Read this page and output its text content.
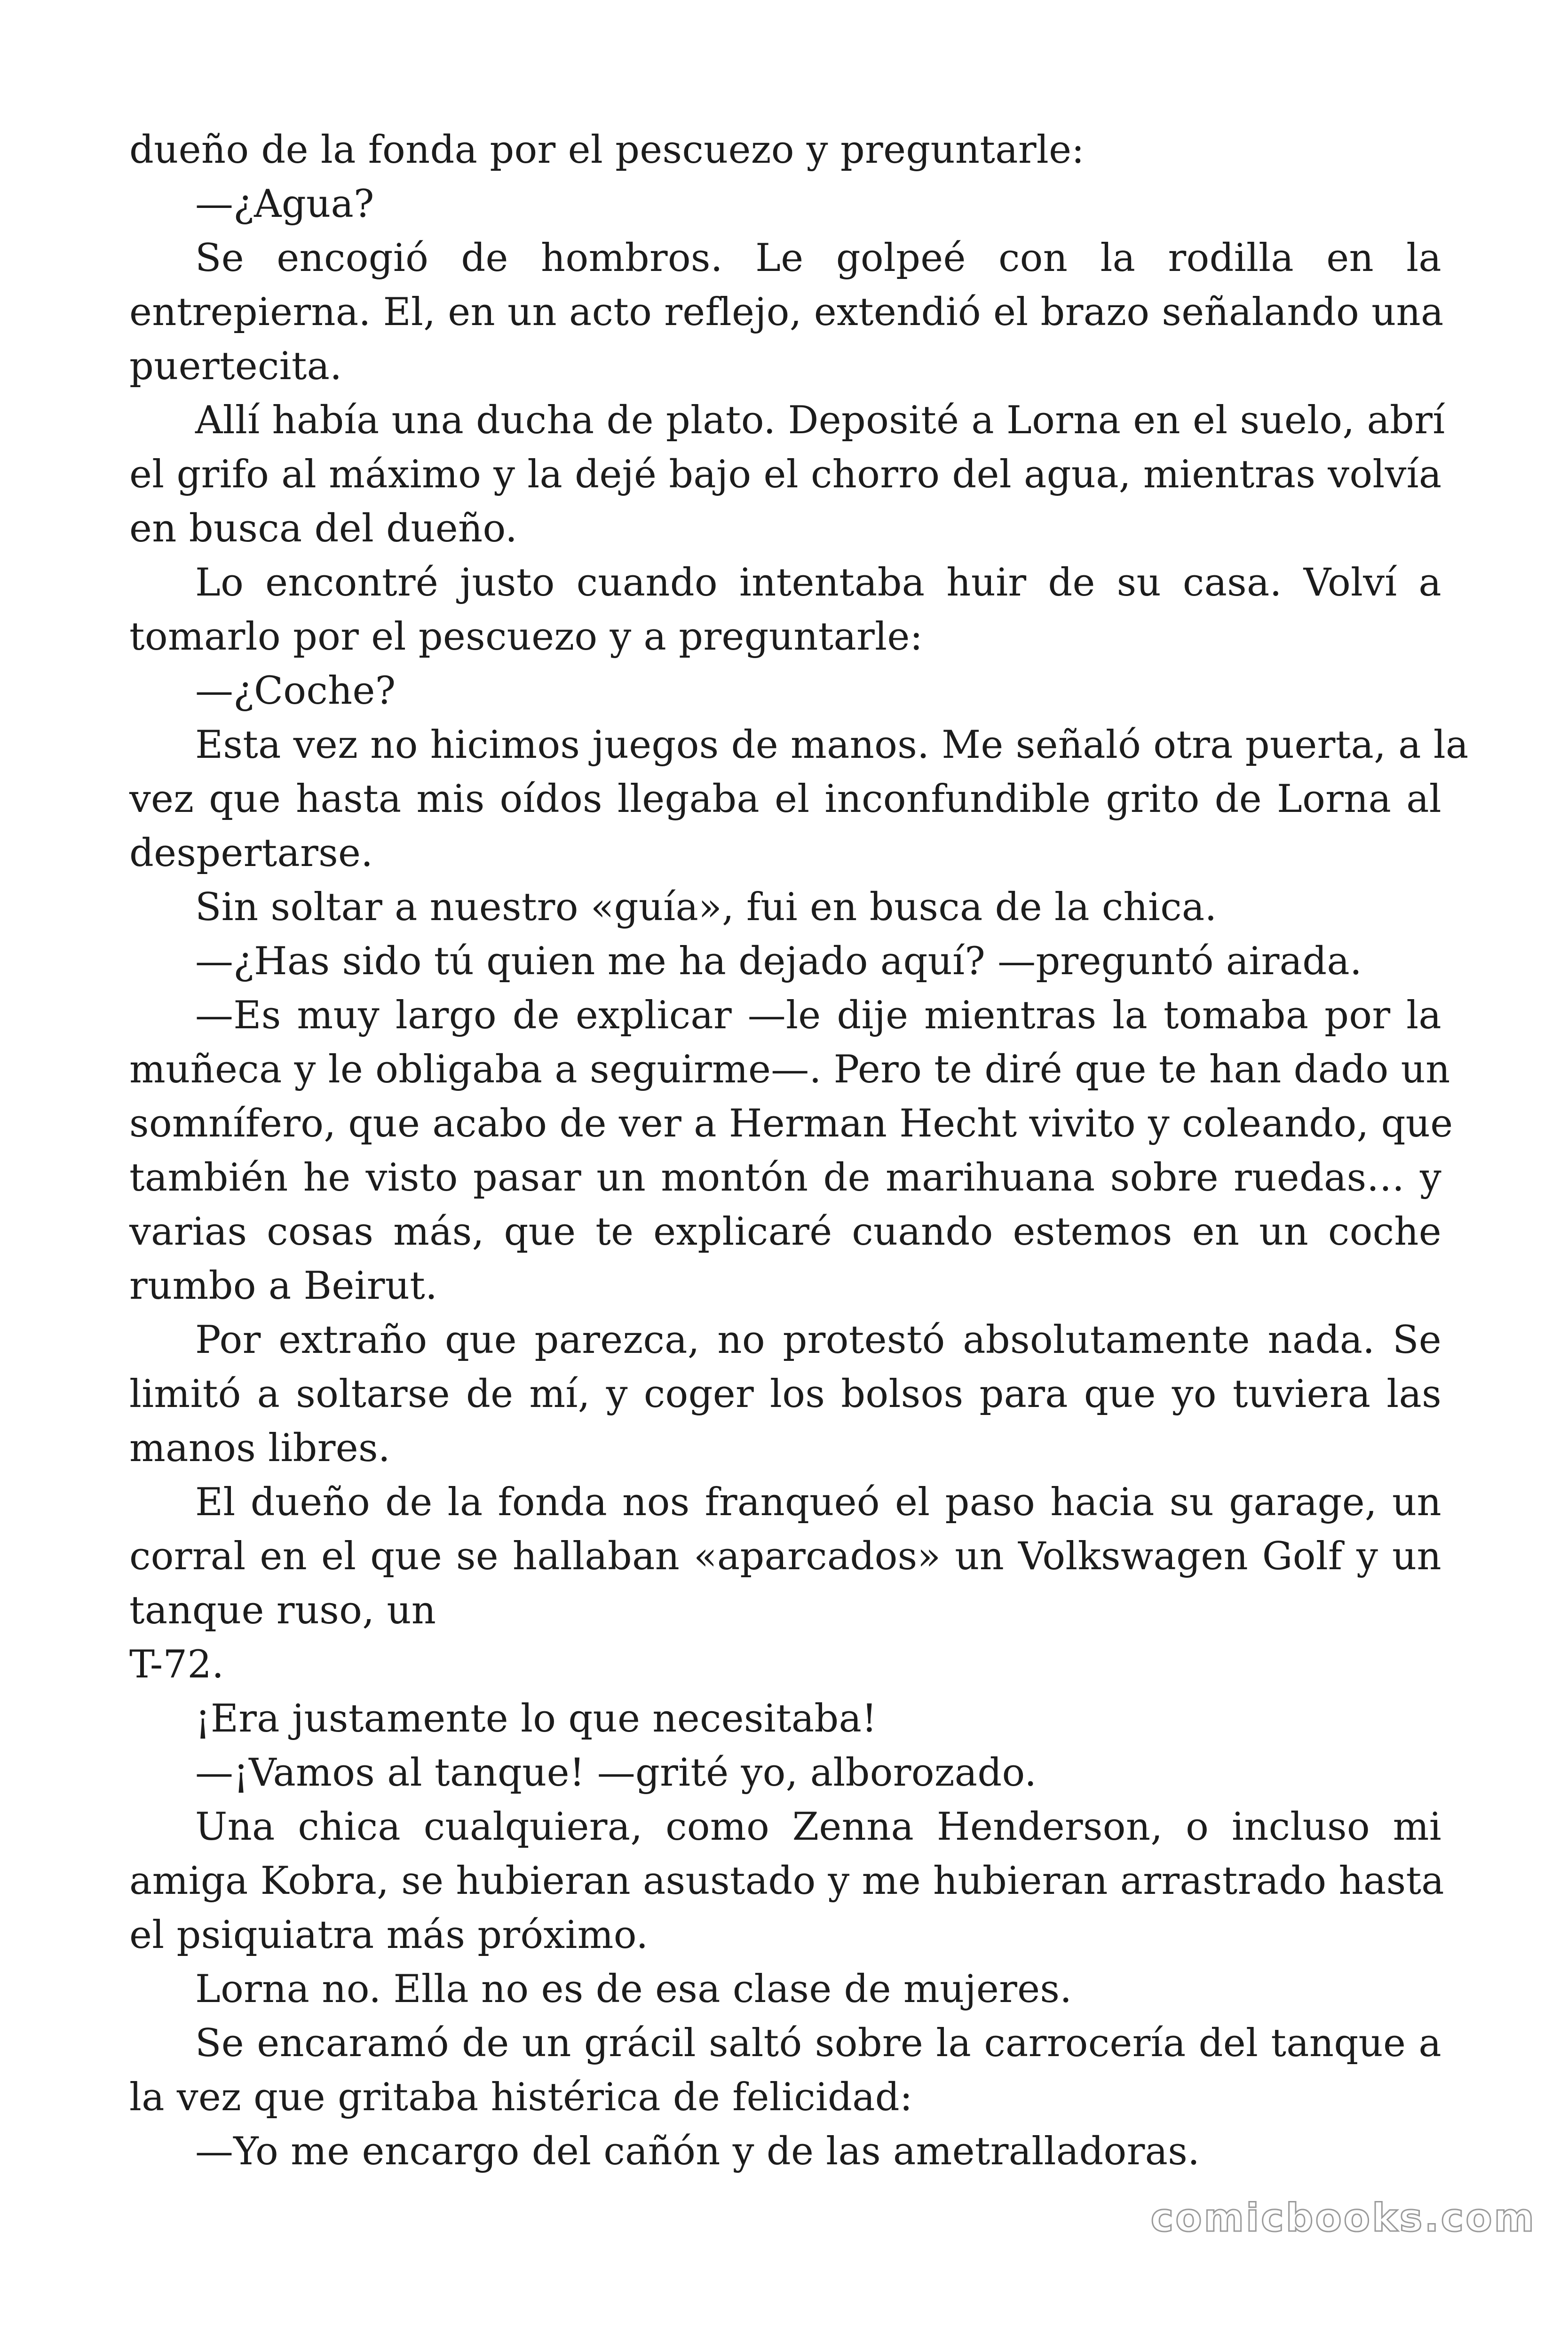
dueño de la fonda por el pescuezo y preguntarle:
—¿Agua?
Se encogió de hombros. Le golpeé con la rodilla en la
entrepierna. El, en un acto reflejo, extendió el brazo señalando una
puertecita.
Allí había una ducha de plato. Deposité a Lorna en el suelo, abrí
el grifo al máximo y la dejé bajo el chorro del agua, mientras volvía
en busca del dueño.
Lo encontré justo cuando intentaba huir de su casa. Volví a
tomarlo por el pescuezo y a preguntarle:
—¿Coche?
Esta vez no hicimos juegos de manos. Me señaló otra puerta, a la
vez que hasta mis oídos llegaba el inconfundible grito de Lorna al
despertarse.
Sin soltar a nuestro «guía», fui en busca de la chica.
—¿Has sido tú quien me ha dejado aquí? —preguntó airada.
—Es muy largo de explicar —le dije mientras la tomaba por la
muñeca y le obligaba a seguirme—. Pero te diré que te han dado un
somnífero, que acabo de ver a Herman Hecht vivito y coleando, que
también he visto pasar un montón de marihuana sobre ruedas… y
varias cosas más, que te explicaré cuando estemos en un coche
rumbo a Beirut.
Por extraño que parezca, no protestó absolutamente nada. Se
limitó a soltarse de mí, y coger los bolsos para que yo tuviera las
manos libres.
El dueño de la fonda nos franqueó el paso hacia su garage, un
corral en el que se hallaban «aparcados» un Volkswagen Golf y un
tanque ruso, un
T-72.
¡Era justamente lo que necesitaba!
—¡Vamos al tanque! —grité yo, alborozado.
Una chica cualquiera, como Zenna Henderson, o incluso mi
amiga Kobra, se hubieran asustado y me hubieran arrastrado hasta
el psiquiatra más próximo.
Lorna no. Ella no es de esa clase de mujeres.
Se encaramó de un grácil saltó sobre la carrocería del tanque a
la vez que gritaba histérica de felicidad:
—Yo me encargo del cañón y de las ametralladoras.
comicbooks.com
